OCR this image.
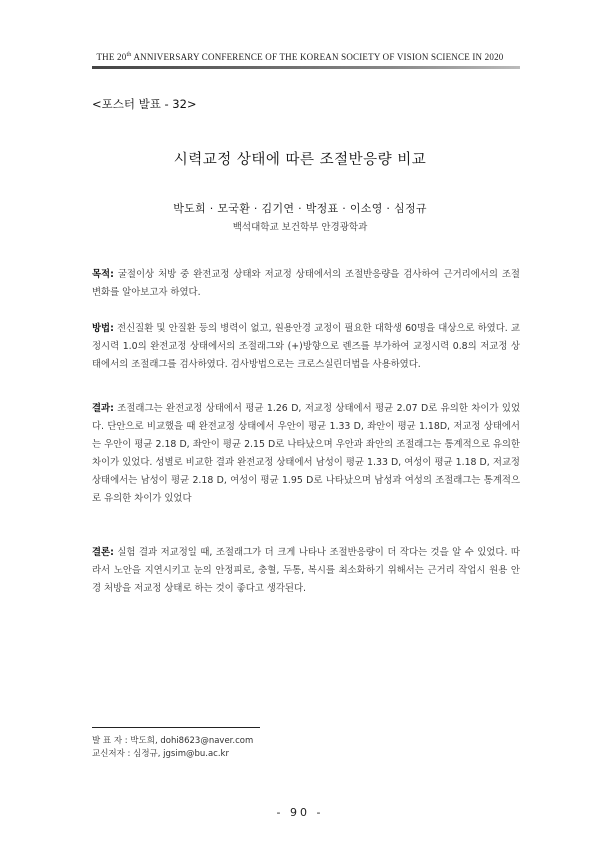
THE 20th ANNIVERSARY CONFERENCE OF THE KOREAN SOCIETY OF VISION SCIENCE IN 2020
<포스터 발표 - 32>
시력교정 상태에 따른 조절반응량 비교
박도희 · 모국환 · 김기연 · 박정표 · 이소영 · 심정규
백석대학교 보건학부 안경광학과
목적: 굴절이상 처방 중 완전교정 상태와 저교정 상태에서의 조절반응량을 검사하여 근거리에서의 조절 변화를 알아보고자 하였다.
방법: 전신질환 및 안질환 등의 병력이 없고, 원용안경 교정이 필요한 대학생 60명을 대상으로 하였다. 교정시력 1.0의 완전교정 상태에서의 조절래그와 (+)방향으로 렌즈를 부가하여 교정시력 0.8의 저교정 상태에서의 조절래그를 검사하였다. 검사방법으로는 크로스실린더법을 사용하였다.
결과: 조절래그는 완전교정 상태에서 평균 1.26 D, 저교정 상태에서 평균 2.07 D로 유의한 차이가 있었다. 단안으로 비교했을 때 완전교정 상태에서 우안이 평균 1.33 D, 좌안이 평균 1.18D, 저교정 상태에서는 우안이 평균 2.18 D, 좌안이 평균 2.15 D로 나타났으며 우안과 좌안의 조절래그는 통계적으로 유의한 차이가 있었다. 성별로 비교한 결과 완전교정 상태에서 남성이 평균 1.33 D, 여성이 평균 1.18 D, 저교정 상태에서는 남성이 평균 2.18 D, 여성이 평균 1.95 D로 나타났으며 남성과 여성의 조절래그는 통계적으로 유의한 차이가 있었다
결론: 실험 결과 저교정일 때, 조절래그가 더 크게 나타나 조절반응량이 더 작다는 것을 알 수 있었다. 따라서 노안을 지연시키고 눈의 안정피로, 충혈, 두통, 복시를 최소화하기 위해서는 근거리 작업시 원용 안경 처방을 저교정 상태로 하는 것이 좋다고 생각된다.
발 표 자 : 박도희, dohi8623@naver.com
교신저자 : 심정규, jgsim@bu.ac.kr
- 90 -
